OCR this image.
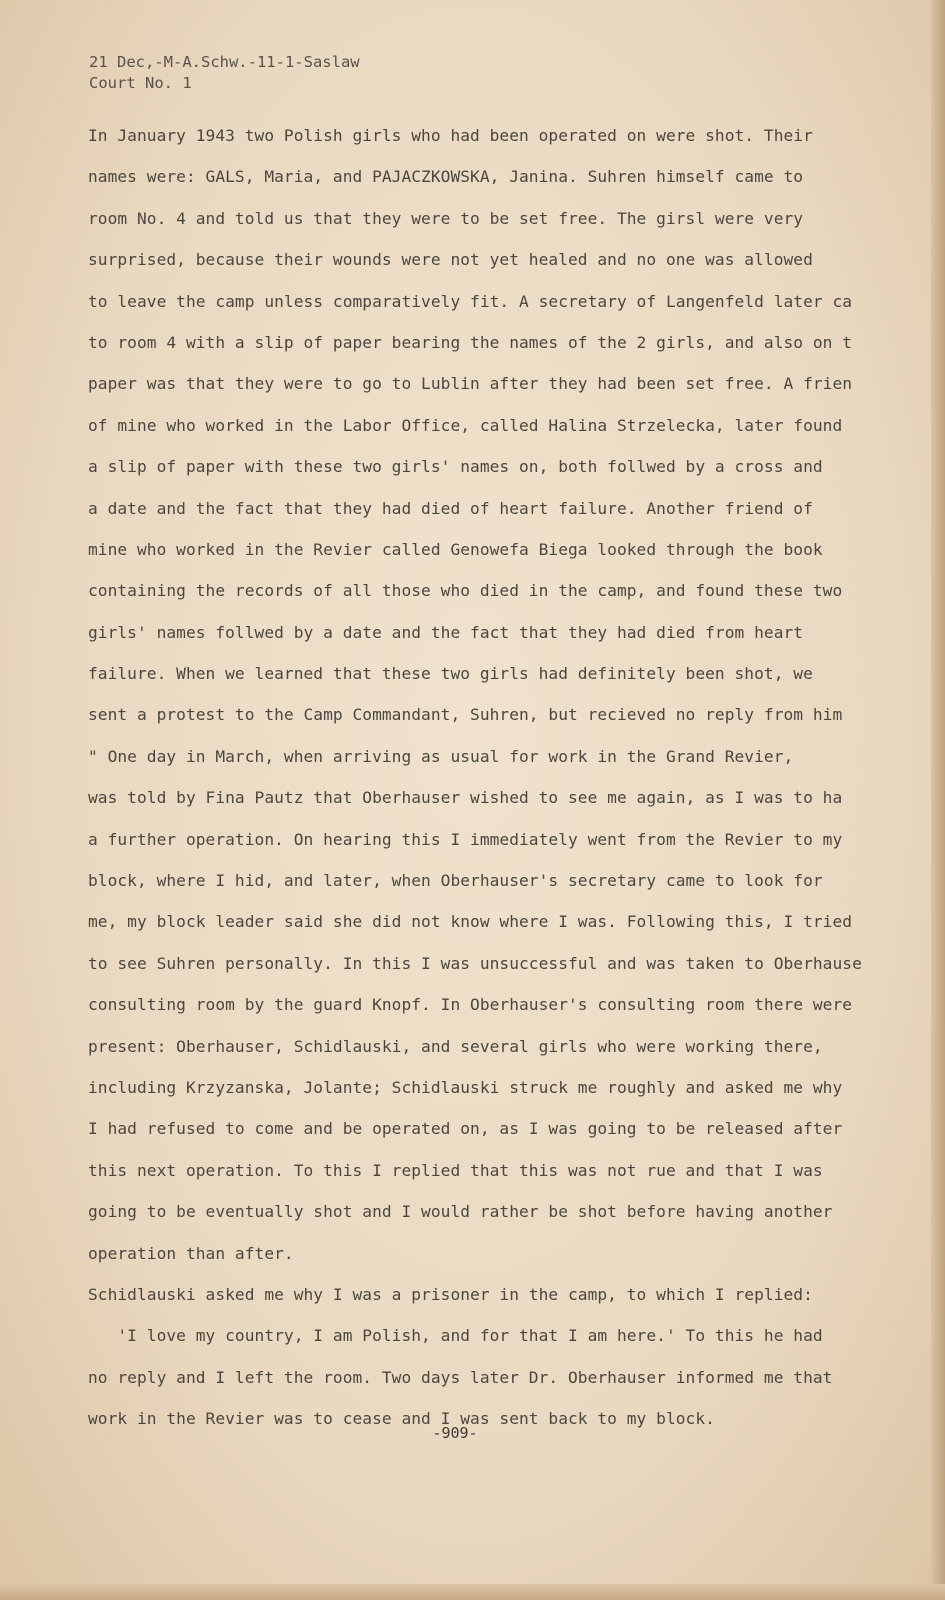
21 Dec,-M-A.Schw.-11-1-Saslaw
Court No. 1
In January 1943 two Polish girls who had been operated on were shot. Their
names were: GALS, Maria, and PAJACZKOWSKA, Janina. Suhren himself came to
room No. 4 and told us that they were to be set free. The girsl were very
surprised, because their wounds were not yet healed and no one was allowed
to leave the camp unless comparatively fit. A secretary of Langenfeld later ca
to room 4 with a slip of paper bearing the names of the 2 girls, and also on t
paper was that they were to go to Lublin after they had been set free. A frien
of mine who worked in the Labor Office, called Halina Strzelecka, later found
a slip of paper with these two girls' names on, both follwed by a cross and
a date and the fact that they had died of heart failure. Another friend of
mine who worked in the Revier called Genowefa Biega looked through the book
containing the records of all those who died in the camp, and found these two
girls' names follwed by a date and the fact that they had died from heart
failure. When we learned that these two girls had definitely been shot, we
sent a protest to the Camp Commandant, Suhren, but recieved no reply from him
" One day in March, when arriving as usual for work in the Grand Revier,
was told by Fina Pautz that Oberhauser wished to see me again, as I was to ha
a further operation. On hearing this I immediately went from the Revier to my
block, where I hid, and later, when Oberhauser's secretary came to look for
me, my block leader said she did not know where I was. Following this, I tried
to see Suhren personally. In this I was unsuccessful and was taken to Oberhause
consulting room by the guard Knopf. In Oberhauser's consulting room there were
present: Oberhauser, Schidlauski, and several girls who were working there,
including Krzyzanska, Jolante; Schidlauski struck me roughly and asked me why
I had refused to come and be operated on, as I was going to be released after
this next operation. To this I replied that this was not rue and that I was
going to be eventually shot and I would rather be shot before having another
operation than after.
Schidlauski asked me why I was a prisoner in the camp, to which I replied:
'I love my country, I am Polish, and for that I am here.' To this he had
no reply and I left the room. Two days later Dr. Oberhauser informed me that
work in the Revier was to cease and I was sent back to my block.
-909-
